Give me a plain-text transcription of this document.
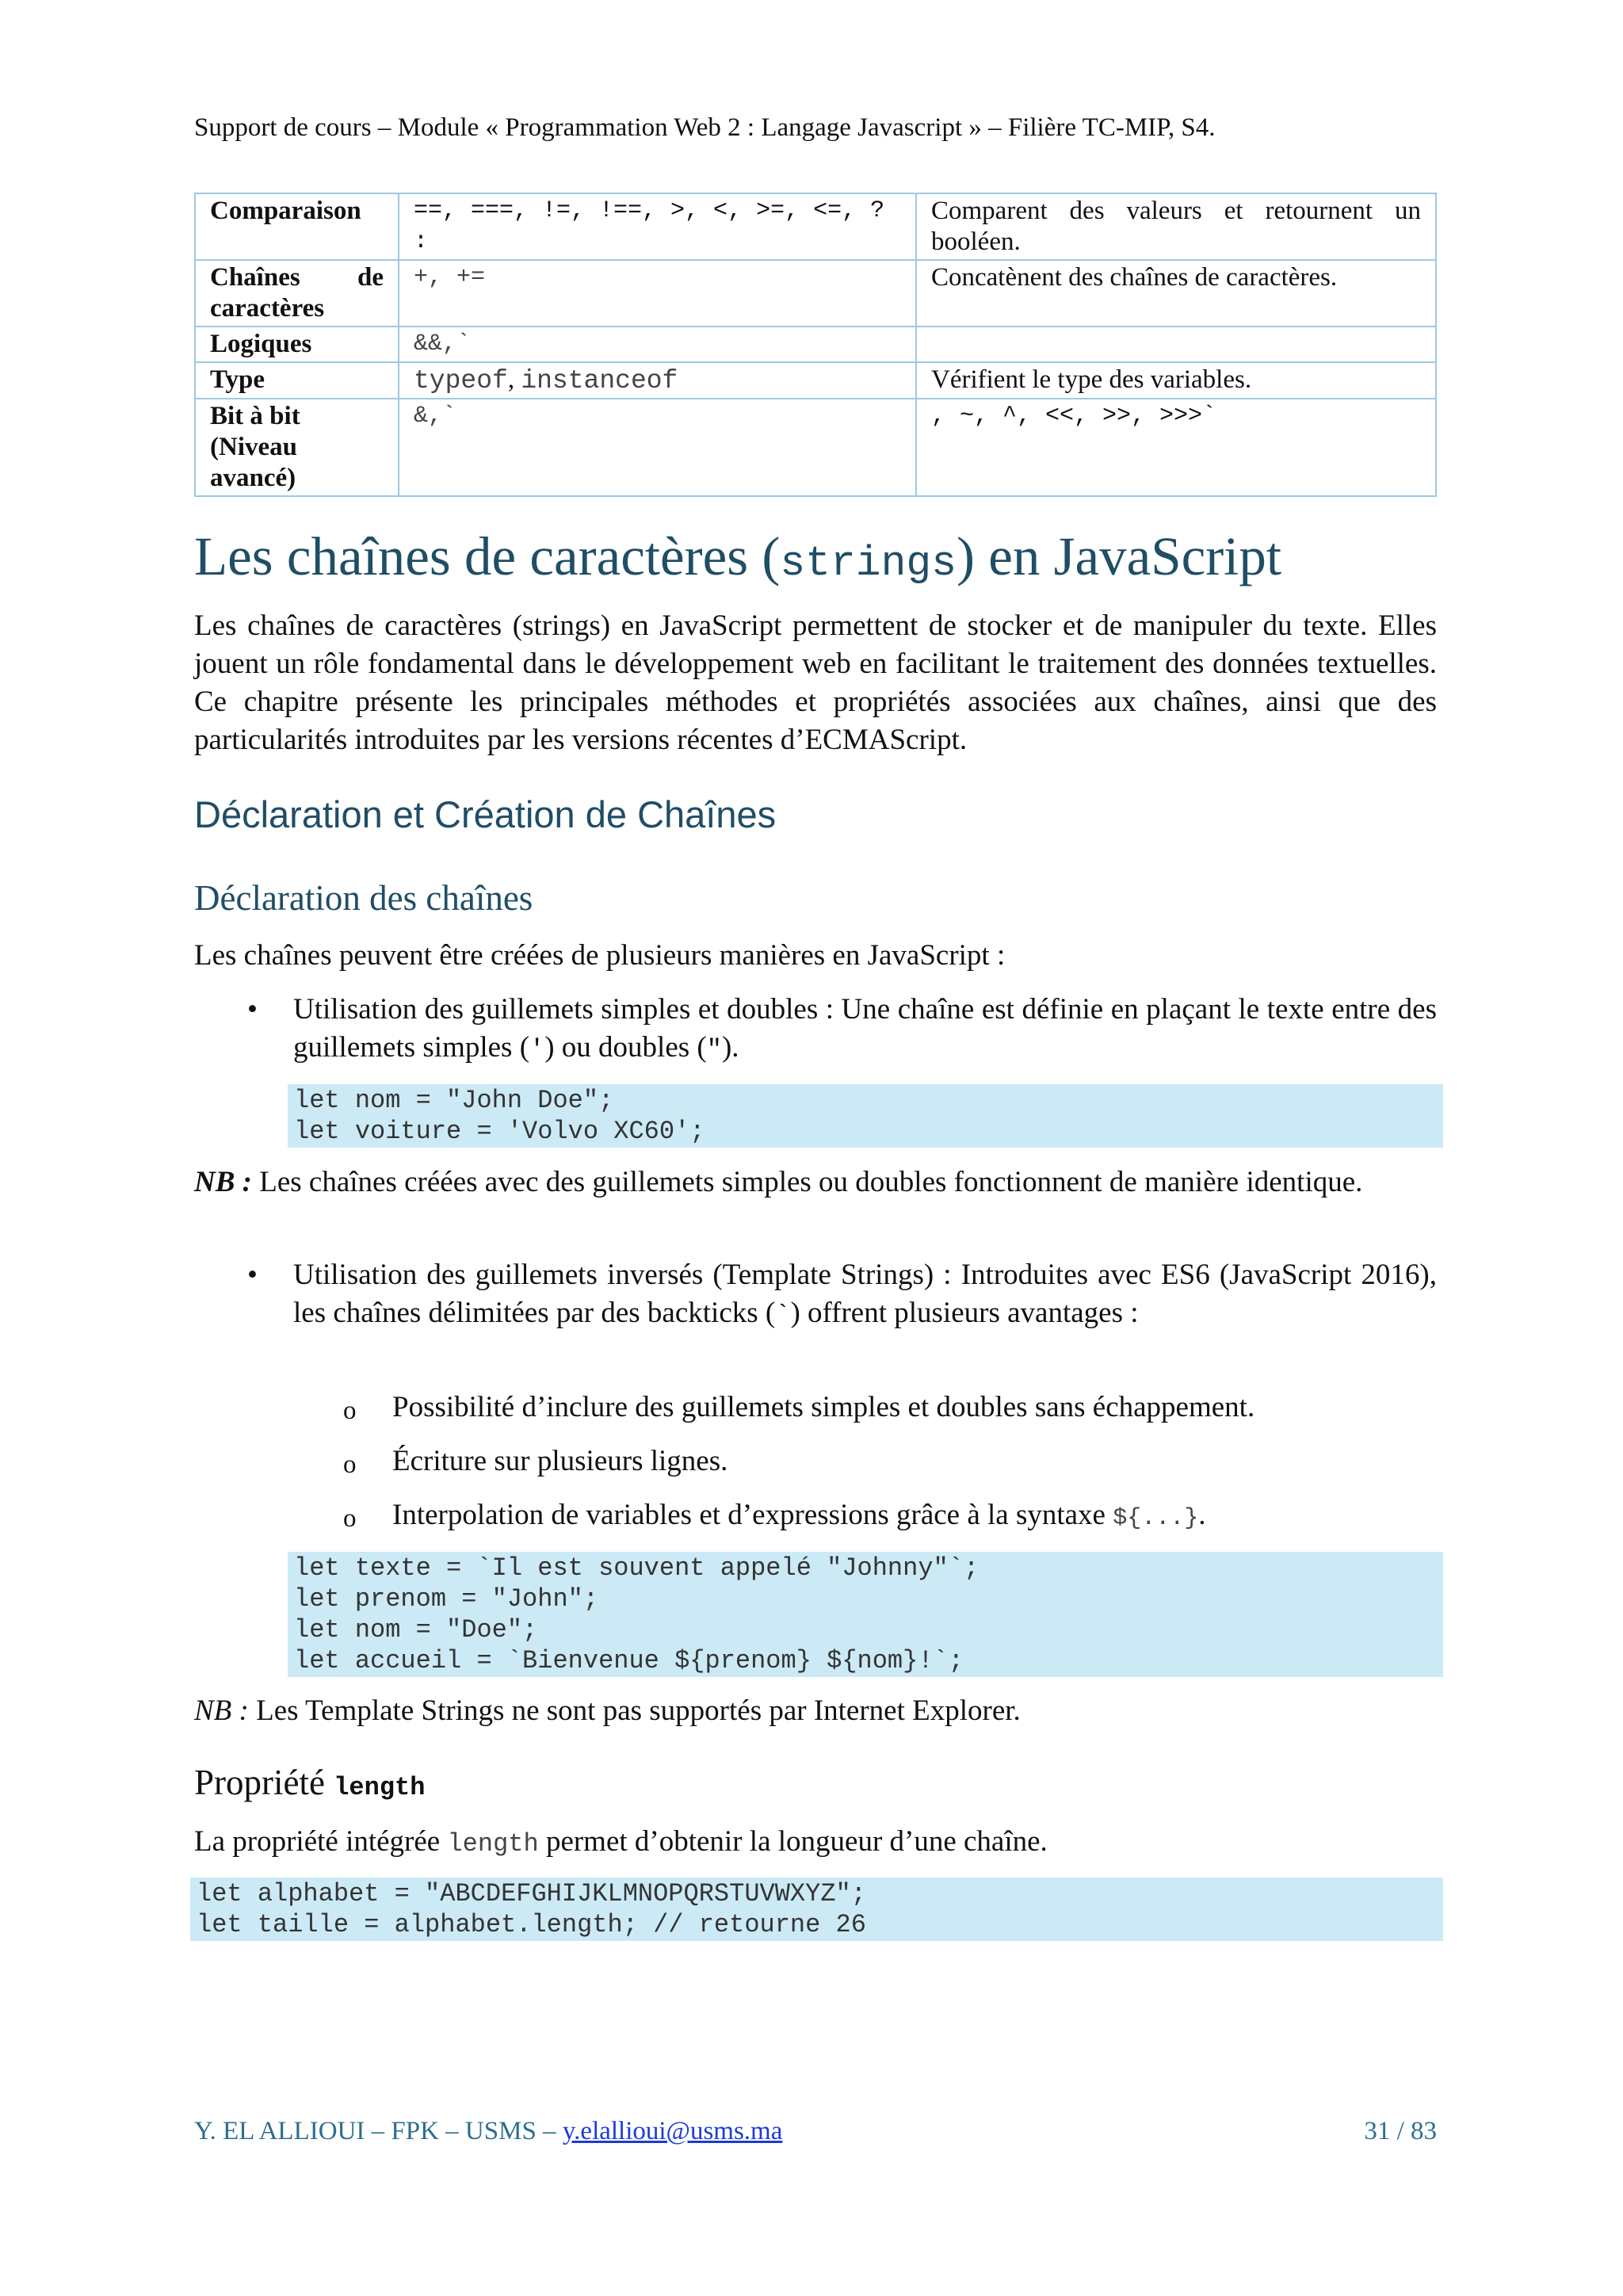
Support de cours – Module « Programmation Web 2 : Langage Javascript » – Filière TC-MIP, S4.
Comparaison	==, ===, !=, !==, >, <, >=, <=, ? :	Comparent des valeurs et retournent un booléen.

Chaînes de
caractères	+, +=	Concatènent des chaînes de caractères.
Logiques	&&,`	
Type	typeof, instanceof	Vérifient le type des variables.

Bit à bit
(Niveau
avancé)	&,`	, ~, ^, <<, >>, >>>`
Les chaînes de caractères (strings) en JavaScript

Les chaînes de caractères (strings) en JavaScript permettent de stocker et de manipuler du texte. Elles jouent un rôle fondamental dans le développement web en facilitant le traitement des données textuelles. Ce chapitre présente les principales méthodes et propriétés associées aux chaînes, ainsi que des particularités introduites par les versions récentes d’ECMAScript.

Déclaration et Création de Chaînes
Déclaration des chaînes

Les chaînes peuvent être créées de plusieurs manières en JavaScript :

• Utilisation des guillemets simples et doubles : Une chaîne est définie en plaçant le texte entre des guillemets simples (') ou doubles (").
let nom = "John Doe";
let voiture = 'Volvo XC60';

NB : Les chaînes créées avec des guillemets simples ou doubles fonctionnent de manière identique.

• Utilisation des guillemets inversés (Template Strings) : Introduites avec ES6 (JavaScript 2016), les chaînes délimitées par des backticks (`) offrent plusieurs avantages :
o Possibilité d’inclure des guillemets simples et doubles sans échappement.
o Écriture sur plusieurs lignes.
o Interpolation de variables et d’expressions grâce à la syntaxe ${...}.
let texte = `Il est souvent appelé "Johnny"`;
let prenom = "John";
let nom = "Doe";
let accueil = `Bienvenue ${prenom} ${nom}!`;

NB : Les Template Strings ne sont pas supportés par Internet Explorer.

Propriété length

La propriété intégrée length permet d’obtenir la longueur d’une chaîne.

let alphabet = "ABCDEFGHIJKLMNOPQRSTUVWXYZ";
let taille = alphabet.length; // retourne 26
Y. EL ALLIOUI – FPK – USMS – y.elallioui@usms.ma	31 / 83
